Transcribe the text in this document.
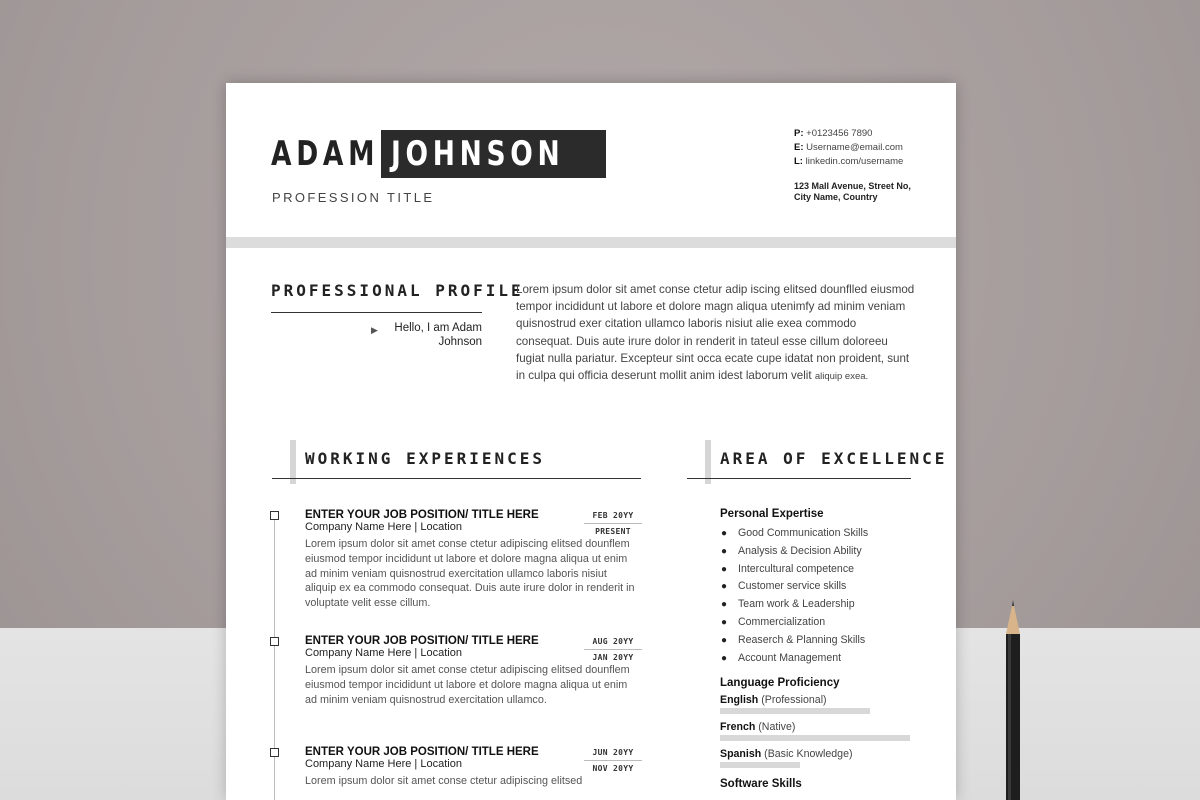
ADAM JOHNSON
PROFESSION TITLE
P: +0123456 7890
E: Username@email.com
L: linkedin.com/username
123 Mall Avenue, Street No,
City Name, Country
PROFESSIONAL PROFILE
▶ Hello, I am Adam Johnson
Lorem ipsum dolor sit amet conse ctetur adip iscing elitsed dounflled eiusmod tempor incididunt ut labore et dolore magn aliqua utenimfy ad minim veniam quisnostrud exer citation ullamco laboris nisiut alie exea commodo consequat. Duis aute irure dolor in renderit in tateul esse cillum doloreeu fugiat nulla pariatur. Excepteur sint occa ecate cupe idatat non proident, sunt in culpa qui officia deserunt mollit anim idest laborum velit aliquip exea.
WORKING EXPERIENCES	AREA OF EXCELLENCE
ENTER YOUR JOB POSITION/ TITLE HERE
Company Name Here | Location
Lorem ipsum dolor sit amet conse ctetur adipiscing elitsed dounflem eiusmod tempor incididunt ut labore et dolore magna aliqua ut enim ad minim veniam quisnostrud exercitation ullamco laboris nisiut aliquip ex ea commodo consequat. Duis aute irure dolor in renderit in voluptate velit esse cillum.
FEB 20YY
PRESENT
ENTER YOUR JOB POSITION/ TITLE HERE
Company Name Here | Location
Lorem ipsum dolor sit amet conse ctetur adipiscing elitsed dounflem eiusmod tempor incididunt ut labore et dolore magna aliqua ut enim ad minim veniam quisnostrud exercitation ullamco.
AUG 20YY
JAN 20YY
ENTER YOUR JOB POSITION/ TITLE HERE
Company Name Here | Location
Lorem ipsum dolor sit amet conse ctetur adipiscing elitsed
JUN 20YY
NOV 20YY
Personal Expertise
● Good Communication Skills
● Analysis & Decision Ability
● Intercultural competence
● Customer service skills
● Team work & Leadership
● Commercialization
● Reaserch & Planning Skills
● Account Management
Language Proficiency
English (Professional)
French (Native)
Spanish (Basic Knowledge)
Software Skills
